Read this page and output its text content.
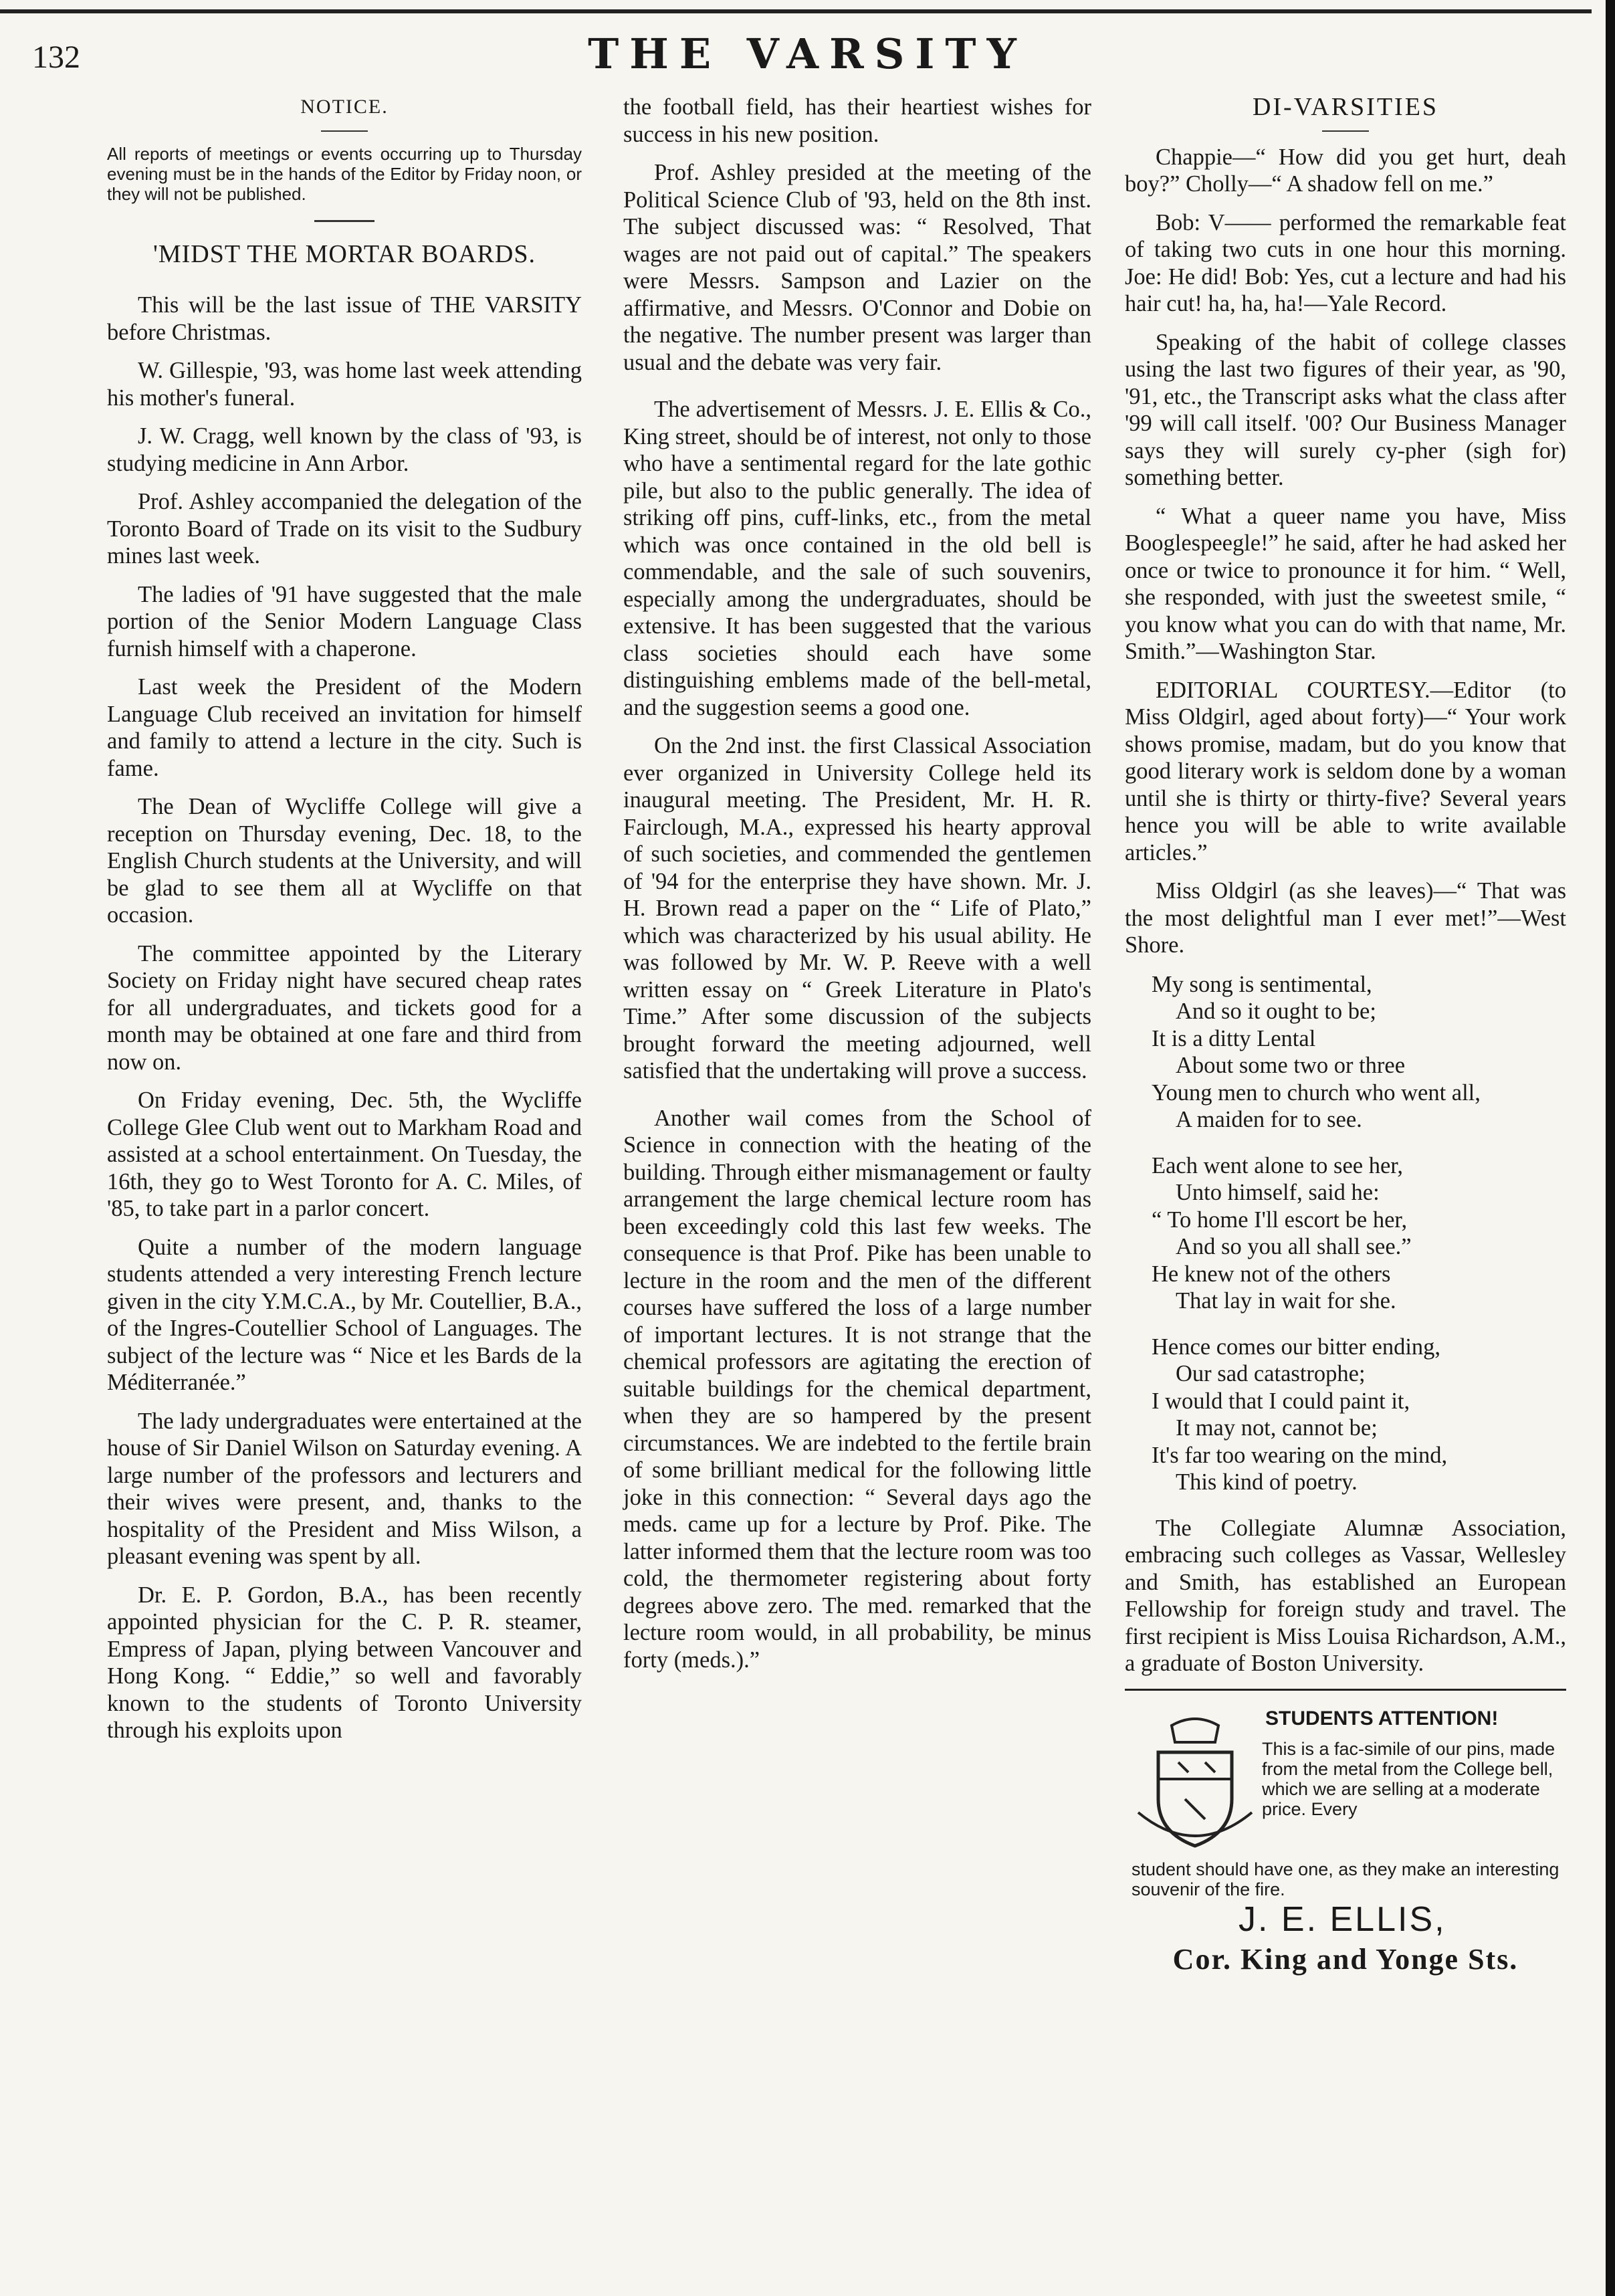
132	THE VARSITY
NOTICE.
All reports of meetings or events occurring up to Thursday evening must be in the hands of the Editor by Friday noon, or they will not be published.
'MIDST THE MORTAR BOARDS.

This will be the last issue of THE VARSITY before Christmas.

W. Gillespie, '93, was home last week attending his mother's funeral.

J. W. Cragg, well known by the class of '93, is studying medicine in Ann Arbor.

Prof. Ashley accompanied the delegation of the Toronto Board of Trade on its visit to the Sudbury mines last week.

The ladies of '91 have suggested that the male portion of the Senior Modern Language Class furnish himself with a chaperone.

Last week the President of the Modern Language Club received an invitation for himself and family to attend a lecture in the city. Such is fame.

The Dean of Wycliffe College will give a reception on Thursday evening, Dec. 18, to the English Church students at the University, and will be glad to see them all at Wycliffe on that occasion.

The committee appointed by the Literary Society on Friday night have secured cheap rates for all undergraduates, and tickets good for a month may be obtained at one fare and third from now on.

On Friday evening, Dec. 5th, the Wycliffe College Glee Club went out to Markham Road and assisted at a school entertainment. On Tuesday, the 16th, they go to West Toronto for A. C. Miles, of '85, to take part in a parlor concert.

Quite a number of the modern language students attended a very interesting French lecture given in the city Y.M.C.A., by Mr. Coutellier, B.A., of the Ingres-Coutellier School of Languages. The subject of the lecture was “ Nice et les Bards de la Méditerranée.”

The lady undergraduates were entertained at the house of Sir Daniel Wilson on Saturday evening. A large number of the professors and lecturers and their wives were present, and, thanks to the hospitality of the President and Miss Wilson, a pleasant evening was spent by all.

Dr. E. P. Gordon, B.A., has been recently appointed physician for the C. P. R. steamer, Empress of Japan, plying between Vancouver and Hong Kong. “ Eddie,” so well and favorably known to the students of Toronto University through his exploits upon

the football field, has their heartiest wishes for success in his new position.

Prof. Ashley presided at the meeting of the Political Science Club of '93, held on the 8th inst. The subject discussed was: “ Resolved, That wages are not paid out of capital.” The speakers were Messrs. Sampson and Lazier on the affirmative, and Messrs. O'Connor and Dobie on the negative. The number present was larger than usual and the debate was very fair.

The advertisement of Messrs. J. E. Ellis & Co., King street, should be of interest, not only to those who have a sentimental regard for the late gothic pile, but also to the public generally. The idea of striking off pins, cuff-links, etc., from the metal which was once contained in the old bell is commendable, and the sale of such souvenirs, especially among the undergraduates, should be extensive. It has been suggested that the various class societies should each have some distinguishing emblems made of the bell-metal, and the suggestion seems a good one.

On the 2nd inst. the first Classical Association ever organized in University College held its inaugural meeting. The President, Mr. H. R. Fairclough, M.A., expressed his hearty approval of such societies, and commended the gentlemen of '94 for the enterprise they have shown. Mr. J. H. Brown read a paper on the “ Life of Plato,” which was characterized by his usual ability. He was followed by Mr. W. P. Reeve with a well written essay on “ Greek Literature in Plato's Time.” After some discussion of the subjects brought forward the meeting adjourned, well satisfied that the undertaking will prove a success.

Another wail comes from the School of Science in connection with the heating of the building. Through either mismanagement or faulty arrangement the large chemical lecture room has been exceedingly cold this last few weeks. The consequence is that Prof. Pike has been unable to lecture in the room and the men of the different courses have suffered the loss of a large number of important lectures. It is not strange that the chemical professors are agitating the erection of suitable buildings for the chemical department, when they are so hampered by the present circumstances. We are indebted to the fertile brain of some brilliant medical for the following little joke in this connection: “ Several days ago the meds. came up for a lecture by Prof. Pike. The latter informed them that the lecture room was too cold, the thermometer registering about forty degrees above zero. The med. remarked that the lecture room would, in all probability, be minus forty (meds.).”

DI-VARSITIES

Chappie—“ How did you get hurt, deah boy?” Cholly—“ A shadow fell on me.”

Bob: V—— performed the remarkable feat of taking two cuts in one hour this morning. Joe: He did! Bob: Yes, cut a lecture and had his hair cut! ha, ha, ha!—Yale Record.

Speaking of the habit of college classes using the last two figures of their year, as '90, '91, etc., the Transcript asks what the class after '99 will call itself. '00? Our Business Manager says they will surely cy-pher (sigh for) something better.

“ What a queer name you have, Miss Booglespeegle!” he said, after he had asked her once or twice to pronounce it for him. “ Well, she responded, with just the sweetest smile, “ you know what you can do with that name, Mr. Smith.”—Washington Star.

EDITORIAL COURTESY.—Editor (to Miss Oldgirl, aged about forty)—“ Your work shows promise, madam, but do you know that good literary work is seldom done by a woman until she is thirty or thirty-five? Several years hence you will be able to write available articles.”

Miss Oldgirl (as she leaves)—“ That was the most delightful man I ever met!”—West Shore.

My song is sentimental,
And so it ought to be;
It is a ditty Lental
About some two or three
Young men to church who went all,
A maiden for to see.
Each went alone to see her,
Unto himself, said he:
“ To home I'll escort be her,
And so you all shall see.”
He knew not of the others
That lay in wait for she.
Hence comes our bitter ending,
Our sad catastrophe;
I would that I could paint it,
It may not, cannot be;
It's far too wearing on the mind,
This kind of poetry.

The Collegiate Alumnæ Association, embracing such colleges as Vassar, Wellesley and Smith, has established an European Fellowship for foreign study and travel. The first recipient is Miss Louisa Richardson, A.M., a graduate of Boston University.

STUDENTS ATTENTION!
This is a fac-simile of our pins, made from the metal from the College bell, which we are selling at a moderate price. Every
student should have one, as they make an interesting souvenir of the fire.
J. E. ELLIS,
Cor. King and Yonge Sts.
